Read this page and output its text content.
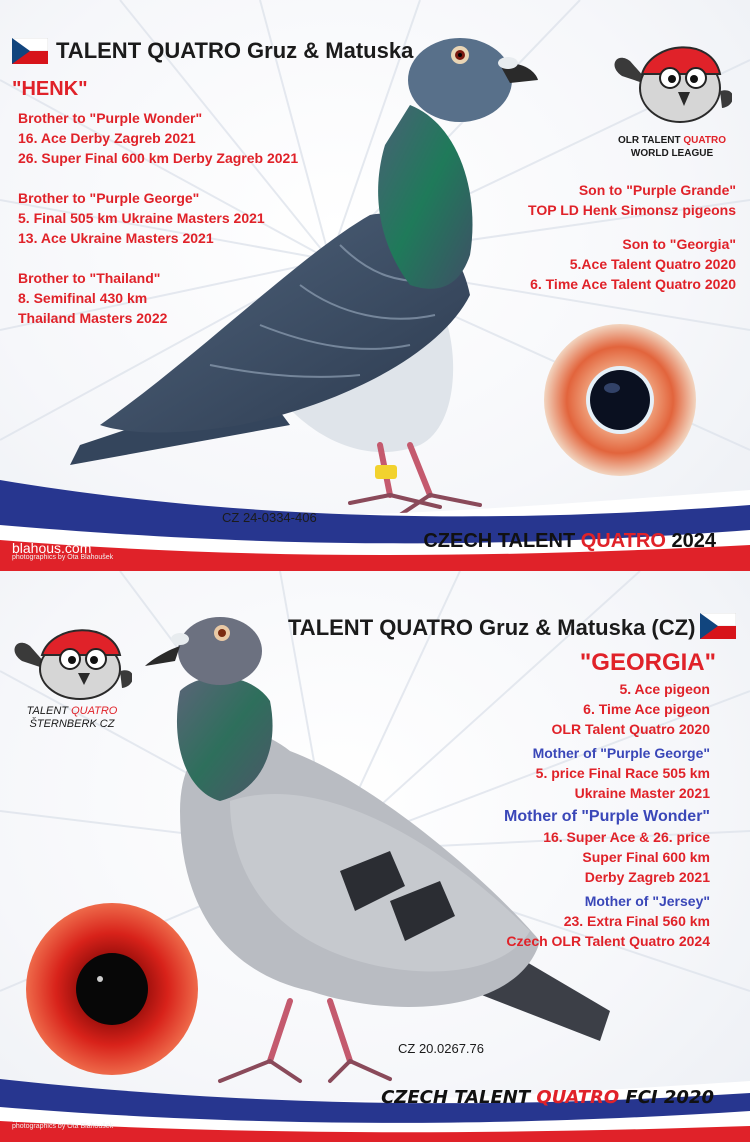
TALENT QUATRO Gruz & Matuska
"HENK"

Brother to "Purple Wonder"

16. Ace Derby Zagreb 2021

26. Super Final 600 km Derby Zagreb 2021

Brother to "Purple George"

5. Final 505 km Ukraine Masters 2021

13. Ace Ukraine Masters 2021

Brother to "Thailand"

8. Semifinal 430 km

Thailand Masters 2022

OLR TALENT QUATRO
WORLD LEAGUE

Son to "Purple Grande"

TOP LD Henk Simonsz pigeons

Son to "Georgia"

5.Ace Talent Quatro 2020

6. Time Ace Talent Quatro 2020

CZ 24-0334-406
blahous.com
photographics by Ota Blahoušek
CZECH TALENT QUATRO 2024
TALENT QUATRO Gruz & Matuska (CZ)
"GEORGIA"
TALENT QUATRO
ŠTERNBERK CZ

5. Ace pigeon

6. Time Ace pigeon

OLR Talent Quatro 2020

Mother of "Purple George"

5. price Final Race 505 km

Ukraine Master 2021

Mother of "Purple Wonder"

16. Super Ace & 26. price

Super Final 600 km

Derby Zagreb 2021

Mother of "Jersey"

23. Extra Final 560 km

Czech OLR Talent Quatro 2024

CZ 20.0267.76
blahous.com
photographics by Ota Blahoušek
CZECH TALENT QUATRO FCI 2020
